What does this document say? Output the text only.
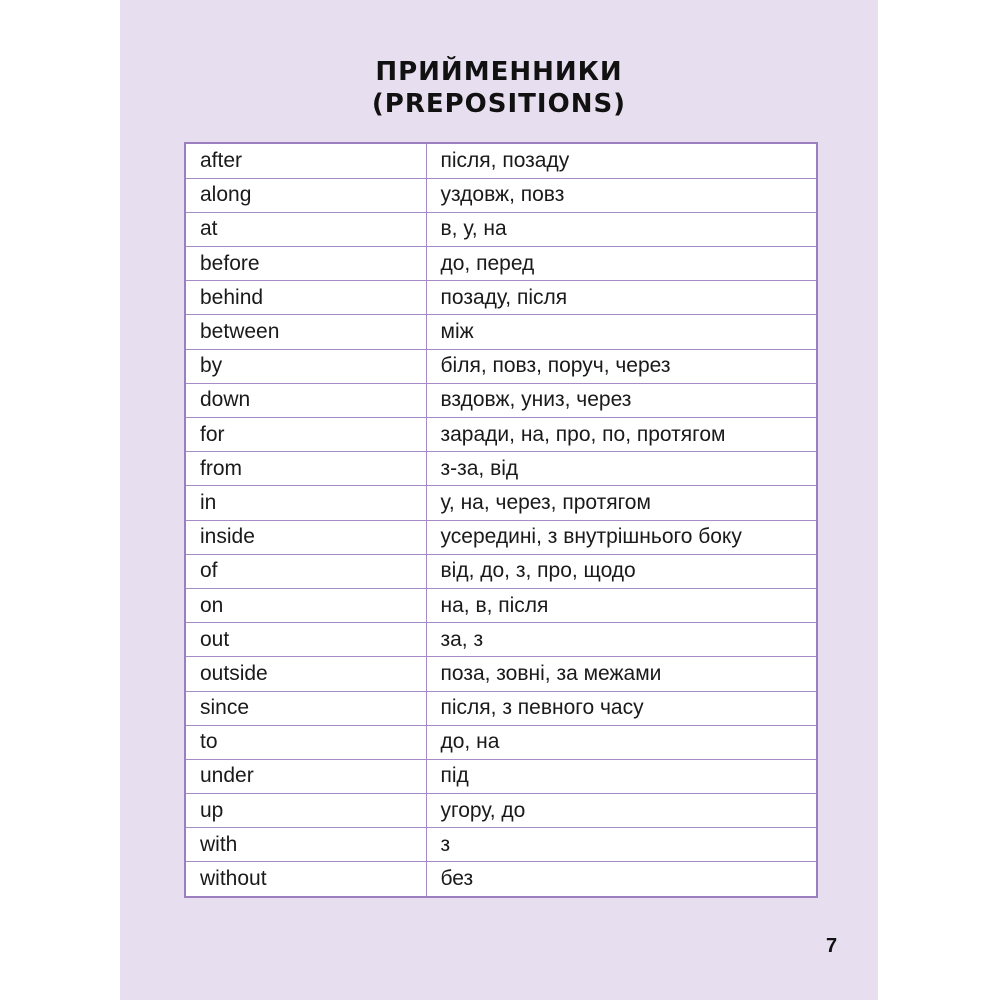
ПРИЙМЕННИКИ
(PREPOSITIONS)
after	після, позаду
along	уздовж, повз
at	в, у, на
before	до, перед
behind	позаду, після
between	між
by	біля, повз, поруч, через
down	вздовж, униз, через
for	заради, на, про, по, протягом
from	з-за, від
in	у, на, через, протягом
inside	усередині, з внутрішнього боку
of	від, до, з, про, щодо
on	на, в, після
out	за, з
outside	поза, зовні, за межами
since	після, з певного часу
to	до, на
under	під
up	угору, до
with	з
without	без
7
